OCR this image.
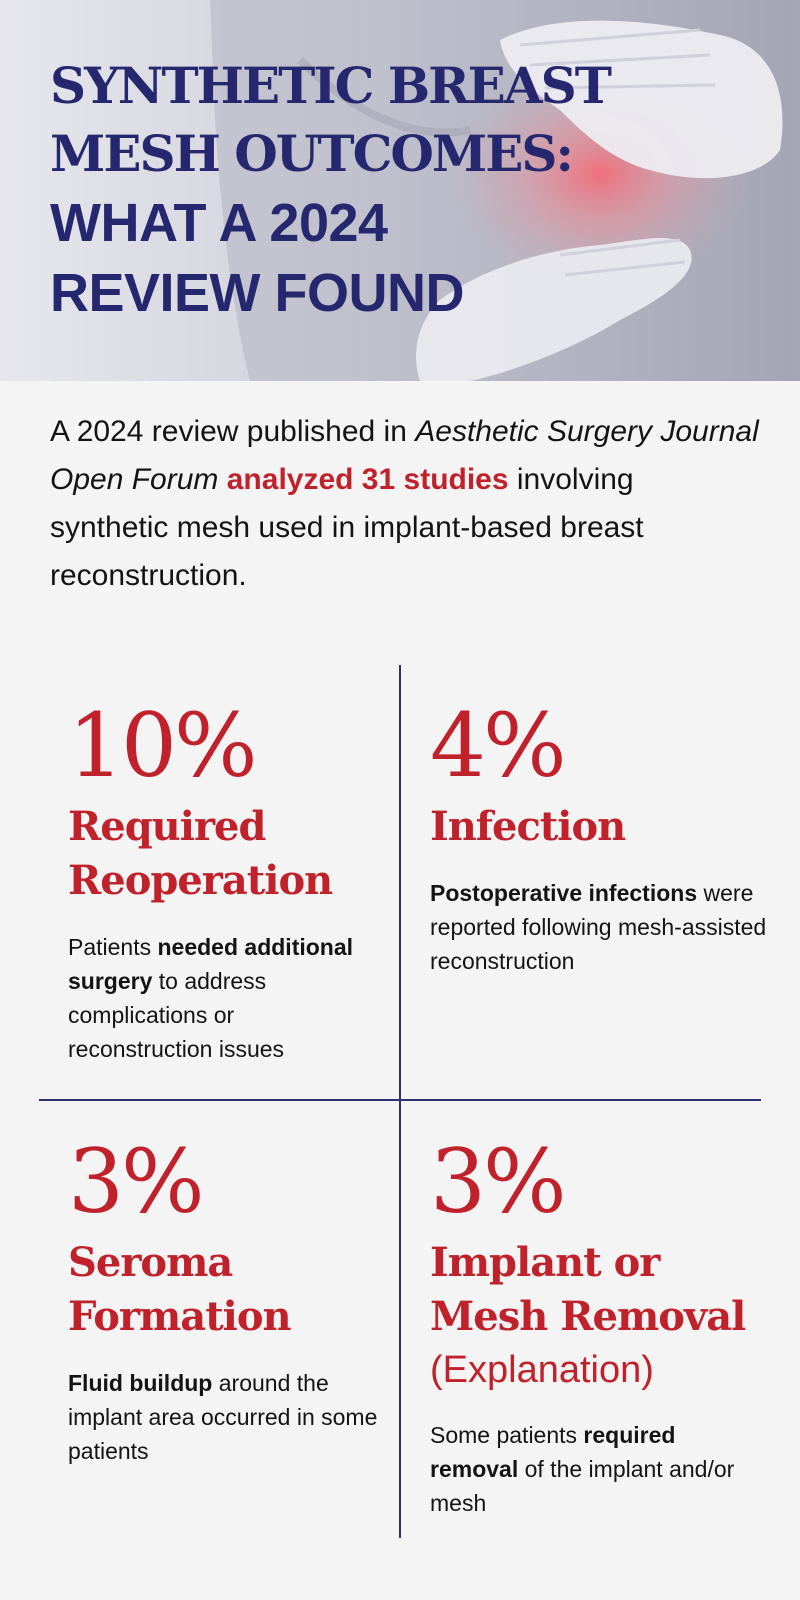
SYNTHETIC BREAST
MESH OUTCOMES:
WHAT A 2024
REVIEW FOUND

A 2024 review published in Aesthetic Surgery Journal Open Forum analyzed 31 studies involving synthetic mesh used in implant-based breast reconstruction.

10%
Required
Reoperation
Patients needed additional surgery to address complications or reconstruction issues
4%
Infection
Postoperative infections were reported following mesh-assisted reconstruction
3%
Seroma
Formation
Fluid buildup around the implant area occurred in some patients
3%
Implant or
Mesh Removal
(Explanation)
Some patients required removal of the implant and/or mesh
